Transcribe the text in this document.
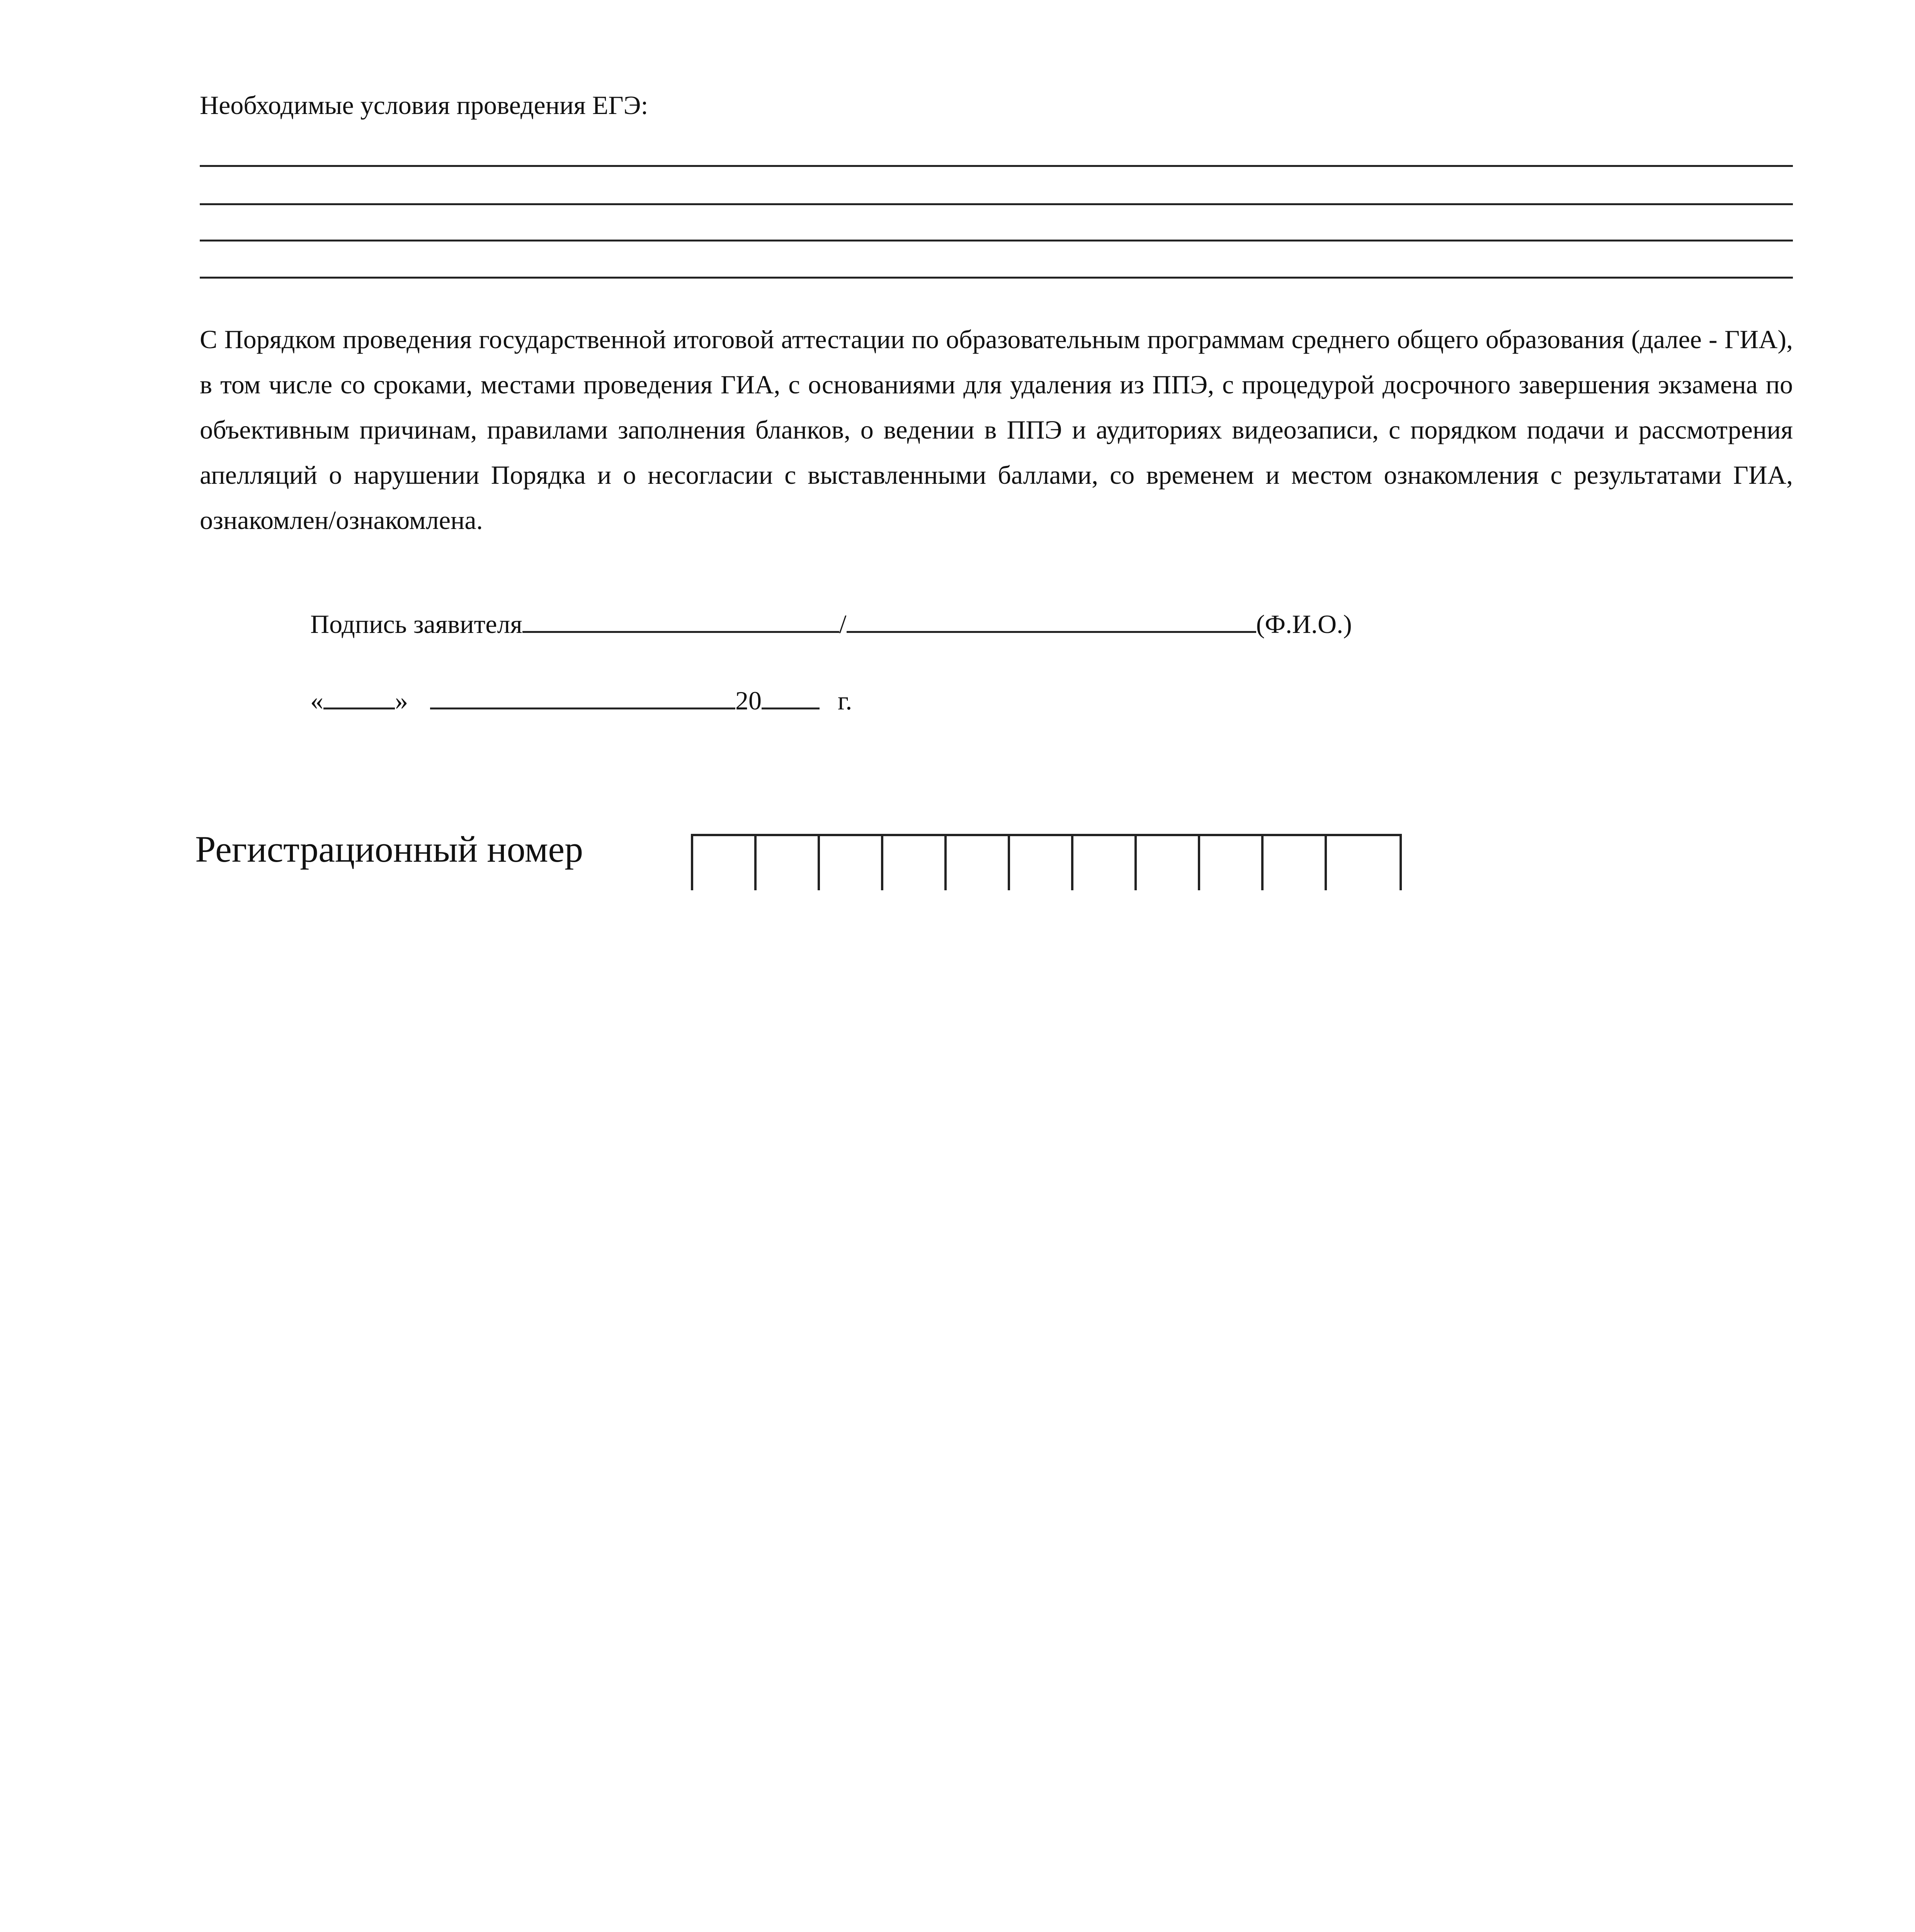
Необходимые условия проведения ЕГЭ:
С Порядком проведения государственной итоговой аттестации по образовательным программам среднего общего образования (далее - ГИА), в том числе со сроками, местами проведения ГИА, с основаниями для удаления из ППЭ, с процедурой досрочного завершения экзамена по объективным причинам, правилами заполнения бланков, о ведении в ППЭ и аудиториях видеозаписи, с порядком подачи и рассмотрения апелляций о нарушении Порядка и о несогласии с выставленными баллами, со временем и местом ознакомления с результатами ГИА, ознакомлен/ознакомлена.
Подпись заявителя	/	(Ф.И.О.)
«	»	20	г.
Регистрационный номер
